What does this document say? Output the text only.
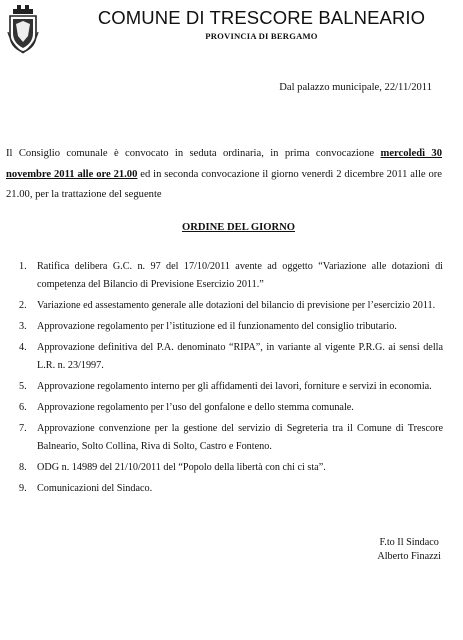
COMUNE DI TRESCORE BALNEARIO
PROVINCIA DI BERGAMO
Dal palazzo municipale, 22/11/2011
Il Consiglio comunale è convocato in seduta ordinaria, in prima convocazione mercoledì 30 novembre 2011 alle ore 21.00 ed in seconda convocazione il giorno venerdì 2 dicembre 2011 alle ore 21.00, per la trattazione del seguente
ORDINE DEL GIORNO
1. Ratifica delibera G.C. n. 97 del 17/10/2011 avente ad oggetto “Variazione alle dotazioni di competenza del Bilancio di Previsione Esercizio 2011.”
2. Variazione ed assestamento generale alle dotazioni del bilancio di previsione per l’esercizio 2011.
3. Approvazione regolamento per l’istituzione ed il funzionamento del consiglio tributario.
4. Approvazione definitiva del P.A. denominato “RIPA”, in variante al vigente P.R.G. ai sensi della L.R. n. 23/1997.
5. Approvazione regolamento interno per gli affidamenti dei lavori, forniture e servizi in economia.
6. Approvazione regolamento per l’uso del gonfalone e dello stemma comunale.
7. Approvazione convenzione per la gestione del servizio di Segreteria tra il Comune di Trescore Balneario, Solto Collina, Riva di Solto, Castro e Fonteno.
8. ODG n. 14989 del 21/10/2011 del “Popolo della libertà con chi ci sta”.
9. Comunicazioni del Sindaco.
F.to Il Sindaco
Alberto Finazzi
